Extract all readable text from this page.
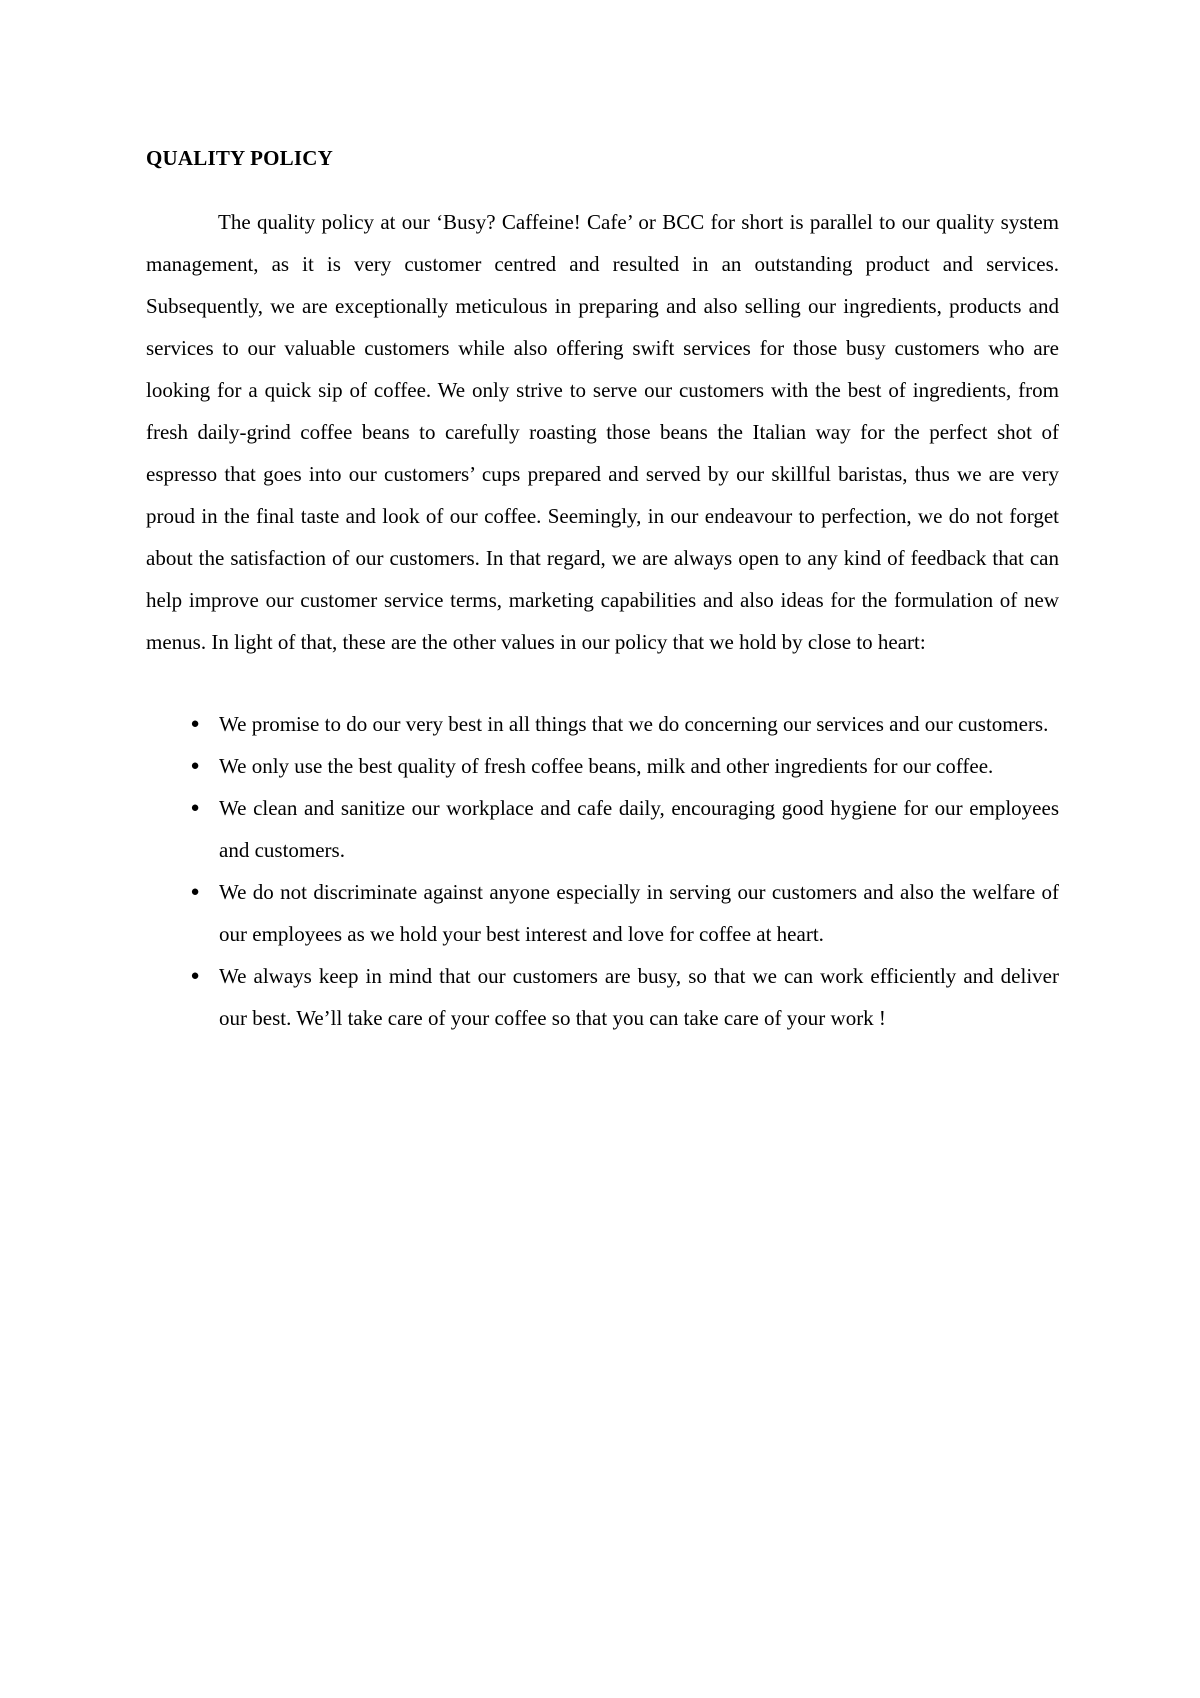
QUALITY POLICY

The quality policy at our ‘Busy? Caffeine! Cafe’ or BCC for short is parallel to our quality system management, as it is very customer centred and resulted in an outstanding product and services. Subsequently, we are exceptionally meticulous in preparing and also selling our ingredients, products and services to our valuable customers while also offering swift services for those busy customers who are looking for a quick sip of coffee. We only strive to serve our customers with the best of ingredients, from fresh daily-grind coffee beans to carefully roasting those beans the Italian way for the perfect shot of espresso that goes into our customers’ cups prepared and served by our skillful baristas, thus we are very proud in the final taste and look of our coffee. Seemingly, in our endeavour to perfection, we do not forget about the satisfaction of our customers. In that regard, we are always open to any kind of feedback that can help improve our customer service terms, marketing capabilities and also ideas for the formulation of new menus. In light of that, these are the other values in our policy that we hold by close to heart:

● We promise to do our very best in all things that we do concerning our services and our customers.
● We only use the best quality of fresh coffee beans, milk and other ingredients for our coffee.
● We clean and sanitize our workplace and cafe daily, encouraging good hygiene for our employees and customers.
● We do not discriminate against anyone especially in serving our customers and also the welfare of our employees as we hold your best interest and love for coffee at heart.
● We always keep in mind that our customers are busy, so that we can work efficiently and deliver our best. We’ll take care of your coffee so that you can take care of your work !
